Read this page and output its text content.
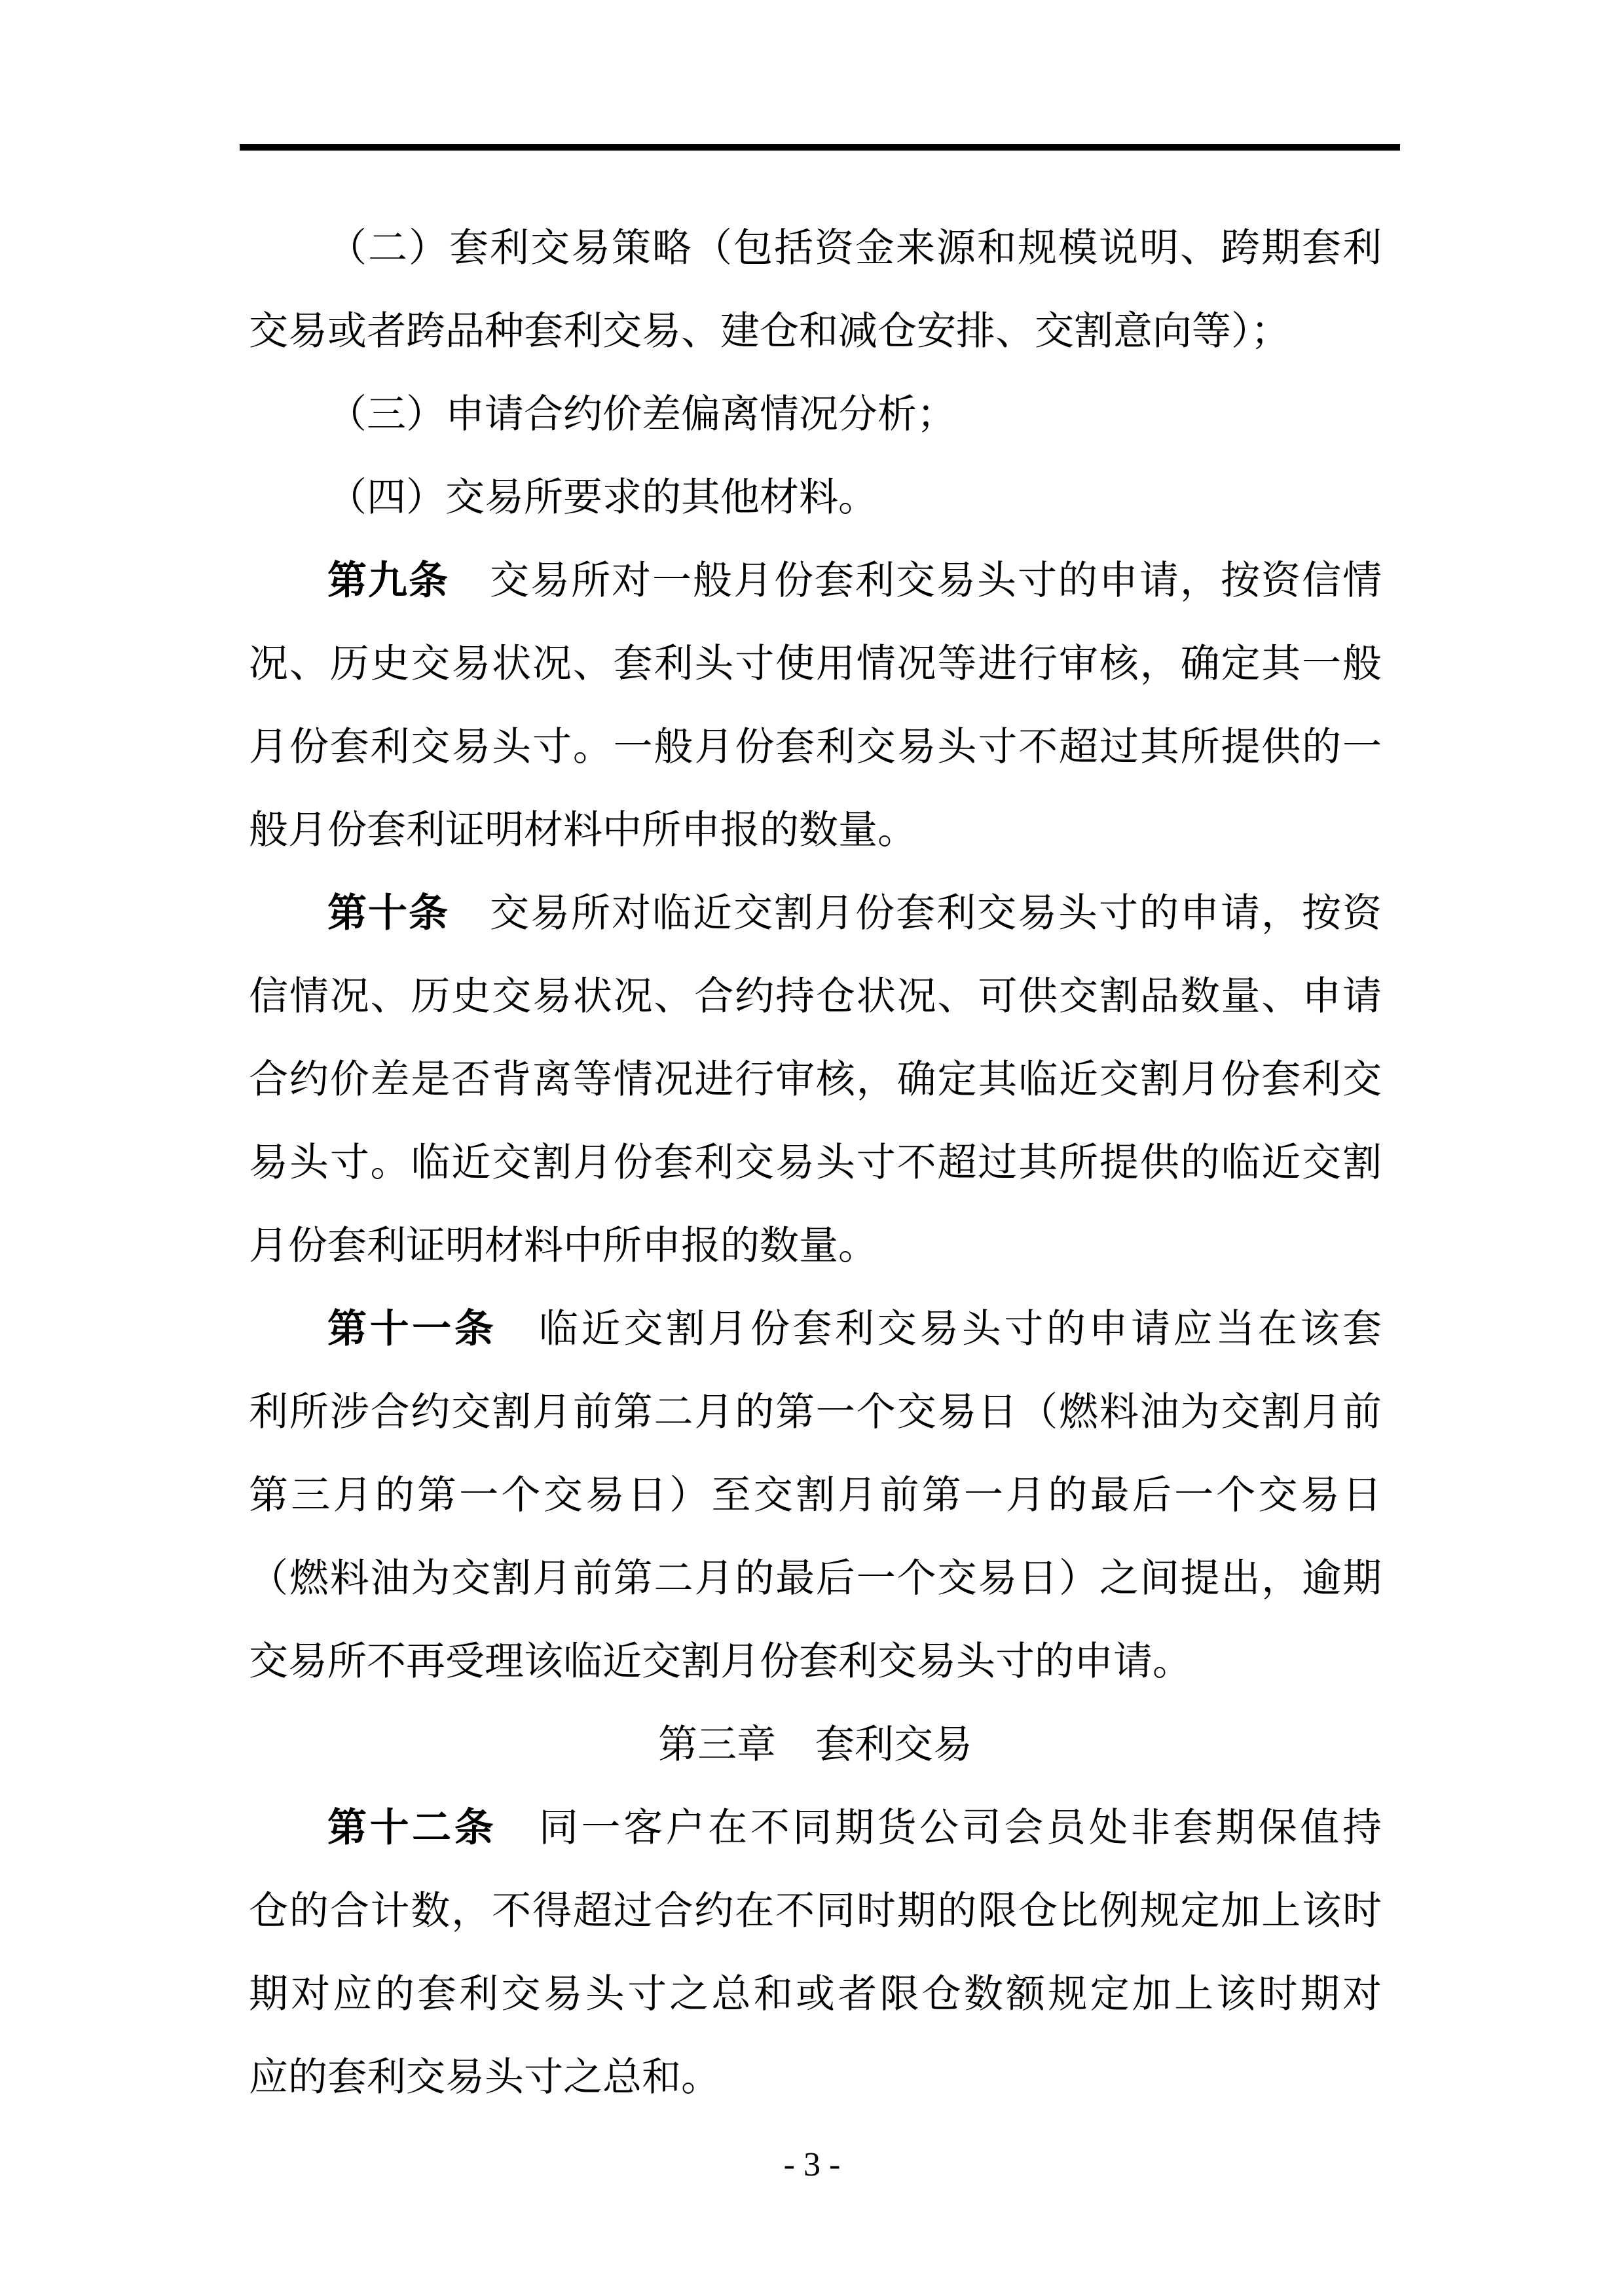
（二）套利交易策略（包括资金来源和规模说明、跨期套利
交易或者跨品种套利交易、建仓和减仓安排、交割意向等）；
（三）申请合约价差偏离情况分析；
（四）交易所要求的其他材料。
第九条　交易所对一般月份套利交易头寸的申请，按资信情
况、历史交易状况、套利头寸使用情况等进行审核，确定其一般
月份套利交易头寸。一般月份套利交易头寸不超过其所提供的一
般月份套利证明材料中所申报的数量。
第十条　交易所对临近交割月份套利交易头寸的申请，按资
信情况、历史交易状况、合约持仓状况、可供交割品数量、申请
合约价差是否背离等情况进行审核，确定其临近交割月份套利交
易头寸。临近交割月份套利交易头寸不超过其所提供的临近交割
月份套利证明材料中所申报的数量。
第十一条　临近交割月份套利交易头寸的申请应当在该套
利所涉合约交割月前第二月的第一个交易日（燃料油为交割月前
第三月的第一个交易日）至交割月前第一月的最后一个交易日
（燃料油为交割月前第二月的最后一个交易日）之间提出，逾期
交易所不再受理该临近交割月份套利交易头寸的申请。
第三章　套利交易
第十二条　同一客户在不同期货公司会员处非套期保值持
仓的合计数，不得超过合约在不同时期的限仓比例规定加上该时
期对应的套利交易头寸之总和或者限仓数额规定加上该时期对
应的套利交易头寸之总和。
- 3 -
